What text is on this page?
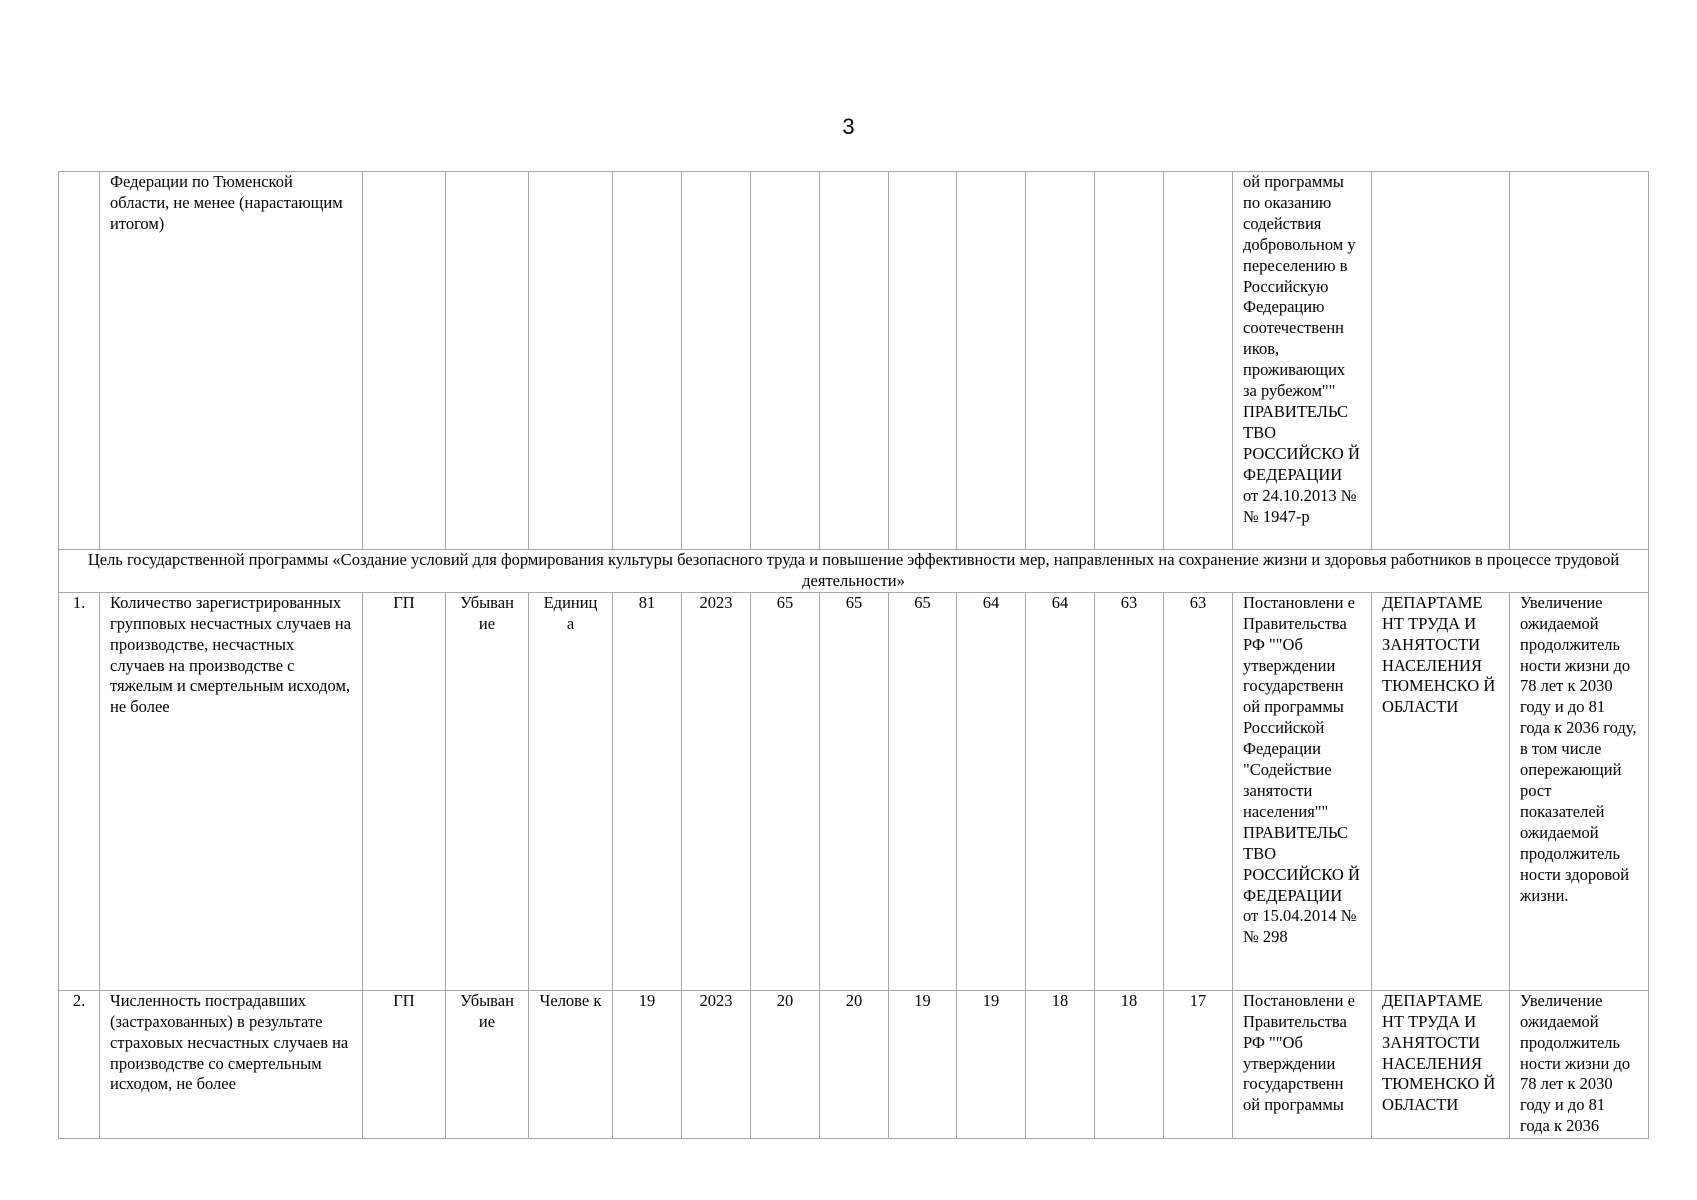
3
	Федерации по Тюменской области, не менее (нарастающим итогом)													ой программы по оказанию содействия добровольном у переселению в Российскую Федерацию соотечественн иков, проживающих за рубежом"" ПРАВИТЕЛЬС ТВО РОССИЙСКО Й ФЕДЕРАЦИИ от 24.10.2013 № № 1947-р		
Цель государственной программы «Создание условий для формирования культуры безопасного труда и повышение эффективности мер, направленных на сохранение жизни и здоровья работников в процессе трудовой деятельности»																
1.	Количество зарегистрированных групповых несчастных случаев на производстве, несчастных случаев на производстве с тяжелым и смертельным исходом, не более	ГП	Убыван ие	Единиц а	81	2023	65	65	65	64	64	63	63	Постановлени е Правительства РФ ""Об утверждении государственн ой программы Российской Федерации "Содействие занятости населения"" ПРАВИТЕЛЬС ТВО РОССИЙСКО Й ФЕДЕРАЦИИ от 15.04.2014 № № 298	ДЕПАРТАМЕ НТ ТРУДА И ЗАНЯТОСТИ НАСЕЛЕНИЯ ТЮМЕНСКО Й ОБЛАСТИ	Увеличение ожидаемой продолжитель ности жизни до 78 лет к 2030 году и до 81 года к 2036 году, в том числе опережающий рост показателей ожидаемой продолжитель ности здоровой жизни.
2.	Численность пострадавших (застрахованных) в результате страховых несчастных случаев на производстве со смертельным исходом, не более	ГП	Убыван ие	Челове к	19	2023	20	20	19	19	18	18	17	Постановлени е Правительства РФ ""Об утверждении государственн ой программы	ДЕПАРТАМЕ НТ ТРУДА И ЗАНЯТОСТИ НАСЕЛЕНИЯ ТЮМЕНСКО Й ОБЛАСТИ	Увеличение ожидаемой продолжитель ности жизни до 78 лет к 2030 году и до 81 года к 2036
